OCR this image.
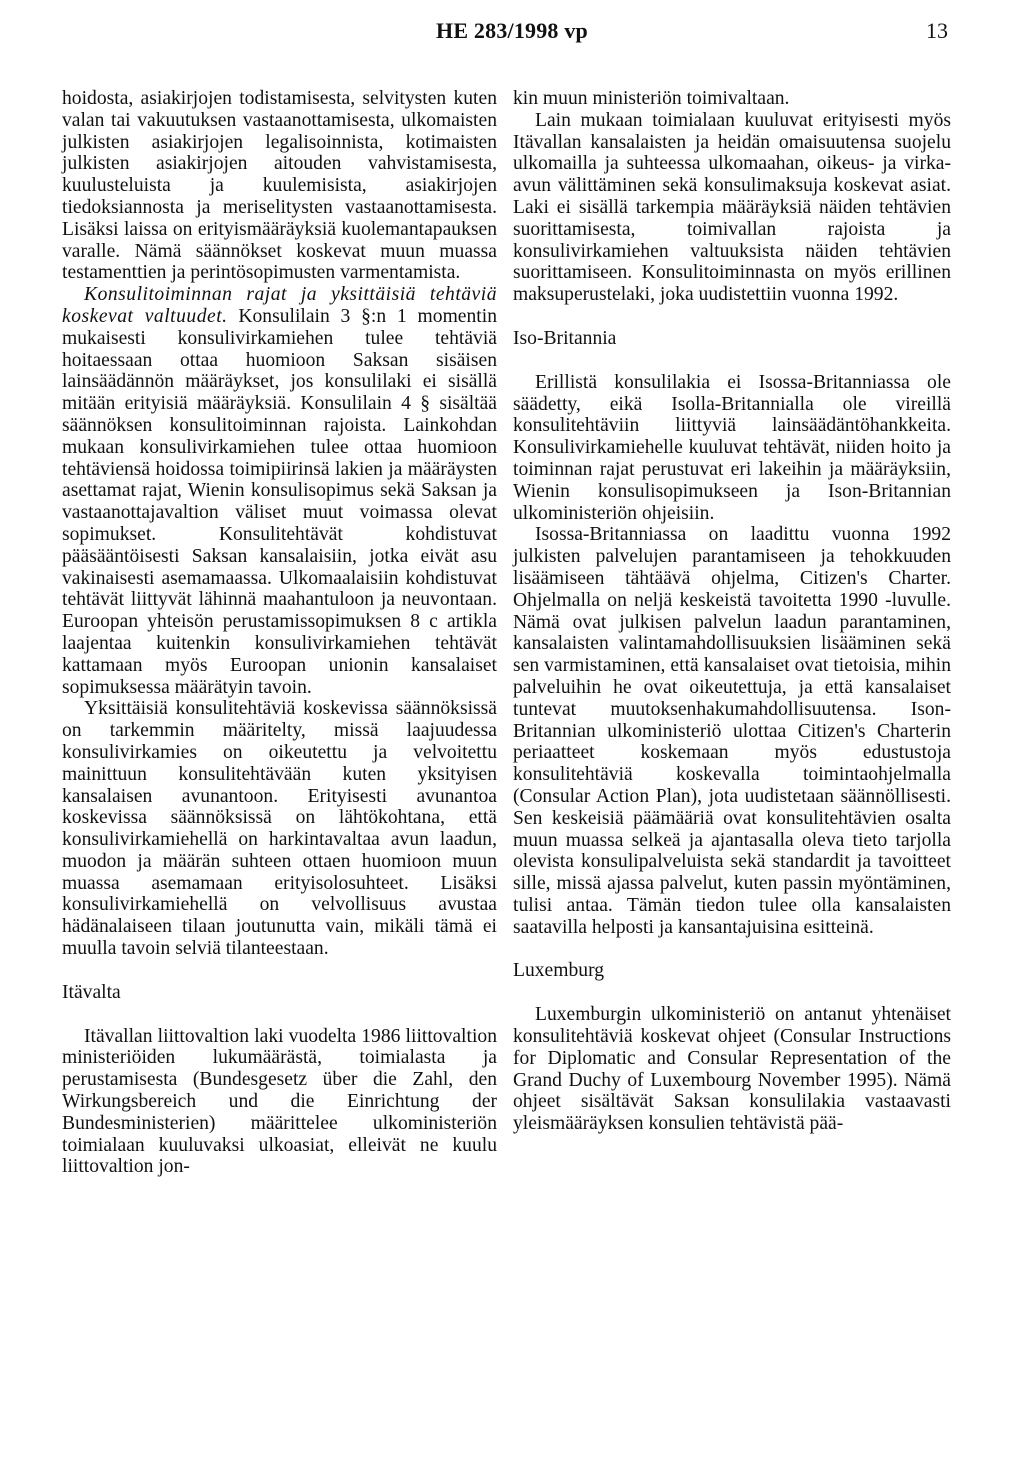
HE 283/1998 vp	13

hoidosta, asiakirjojen todistamisesta, selvitysten kuten valan tai vakuutuksen vastaanottamisesta, ulkomaisten julkisten asiakirjojen legalisoinnista, kotimaisten julkisten asiakirjojen aitouden vahvistamisesta, kuulusteluista ja kuulemisista, asiakirjojen tiedoksiannosta ja meriselitysten vastaanottamisesta. Lisäksi laissa on erityismääräyksiä kuolemantapauksen varalle. Nämä säännökset koskevat muun muassa testamenttien ja perintösopimusten varmentamista.

Konsulitoiminnan rajat ja yksittäisiä tehtäviä koskevat valtuudet. Konsulilain 3 §:n 1 momentin mukaisesti konsulivirkamiehen tulee tehtäviä hoitaessaan ottaa huomioon Saksan sisäisen lainsäädännön määräykset, jos konsulilaki ei sisällä mitään erityisiä määräyksiä. Konsulilain 4 § sisältää säännöksen konsulitoiminnan rajoista. Lainkohdan mukaan konsulivirkamiehen tulee ottaa huomioon tehtäviensä hoidossa toimipiirinsä lakien ja määräysten asettamat rajat, Wienin konsulisopimus sekä Saksan ja vastaanottajavaltion väliset muut voimassa olevat sopimukset. Konsulitehtävät kohdistuvat pääsääntöisesti Saksan kansalaisiin, jotka eivät asu vakinaisesti asemamaassa. Ulkomaalaisiin kohdistuvat tehtävät liittyvät lähinnä maahantuloon ja neuvontaan. Euroopan yhteisön perustamissopimuksen 8 c artikla laajentaa kuitenkin konsulivirkamiehen tehtävät kattamaan myös Euroopan unionin kansalaiset sopimuksessa määrätyin tavoin.

Yksittäisiä konsulitehtäviä koskevissa säännöksissä on tarkemmin määritelty, missä laajuudessa konsulivirkamies on oikeutettu ja velvoitettu mainittuun konsulitehtävään kuten yksityisen kansalaisen avunantoon. Erityisesti avunantoa koskevissa säännöksissä on lähtökohtana, että konsulivirkamiehellä on harkintavaltaa avun laadun, muodon ja määrän suhteen ottaen huomioon muun muassa asemamaan erityisolosuhteet. Lisäksi konsulivirkamiehellä on velvollisuus avustaa hädänalaiseen tilaan joutunutta vain, mikäli tämä ei muulla tavoin selviä tilanteestaan.

Itävalta

Itävallan liittovaltion laki vuodelta 1986 liittovaltion ministeriöiden lukumäärästä, toimialasta ja perustamisesta (Bundesgesetz über die Zahl, den Wirkungsbereich und die Einrichtung der Bundesministerien) määrittelee ulkoministeriön toimialaan kuuluvaksi ulkoasiat, elleivät ne kuulu liittovaltion jon-

kin muun ministeriön toimivaltaan.

Lain mukaan toimialaan kuuluvat erityisesti myös Itävallan kansalaisten ja heidän omaisuutensa suojelu ulkomailla ja suhteessa ulkomaahan, oikeus- ja virka-avun välittäminen sekä konsulimaksuja koskevat asiat. Laki ei sisällä tarkempia määräyksiä näiden tehtävien suorittamisesta, toimivallan rajoista ja konsulivirkamiehen valtuuksista näiden tehtävien suorittamiseen. Konsulitoiminnasta on myös erillinen maksuperustelaki, joka uudistettiin vuonna 1992.

Iso-Britannia

Erillistä konsulilakia ei Isossa-Britanniassa ole säädetty, eikä Isolla-Britannialla ole vireillä konsulitehtäviin liittyviä lainsäädäntöhankkeita. Konsulivirkamiehelle kuuluvat tehtävät, niiden hoito ja toiminnan rajat perustuvat eri lakeihin ja määräyksiin, Wienin konsulisopimukseen ja Ison-Britannian ulkoministeriön ohjeisiin.

Isossa-Britanniassa on laadittu vuonna 1992 julkisten palvelujen parantamiseen ja tehokkuuden lisäämiseen tähtäävä ohjelma, Citizen's Charter. Ohjelmalla on neljä keskeistä tavoitetta 1990 -luvulle. Nämä ovat julkisen palvelun laadun parantaminen, kansalaisten valintamahdollisuuksien lisääminen sekä sen varmistaminen, että kansalaiset ovat tietoisia, mihin palveluihin he ovat oikeutettuja, ja että kansalaiset tuntevat muutoksenhakumahdollisuutensa. Ison-Britannian ulkoministeriö ulottaa Citizen's Charterin periaatteet koskemaan myös edustustoja konsulitehtäviä koskevalla toimintaohjelmalla (Consular Action Plan), jota uudistetaan säännöllisesti. Sen keskeisiä päämääriä ovat konsulitehtävien osalta muun muassa selkeä ja ajantasalla oleva tieto tarjolla olevista konsulipalveluista sekä standardit ja tavoitteet sille, missä ajassa palvelut, kuten passin myöntäminen, tulisi antaa. Tämän tiedon tulee olla kansalaisten saatavilla helposti ja kansantajuisina esitteinä.

Luxemburg

Luxemburgin ulkoministeriö on antanut yhtenäiset konsulitehtäviä koskevat ohjeet (Consular Instructions for Diplomatic and Consular Representation of the Grand Duchy of Luxembourg November 1995). Nämä ohjeet sisältävät Saksan konsulilakia vastaavasti yleismääräyksen konsulien tehtävistä pää-
